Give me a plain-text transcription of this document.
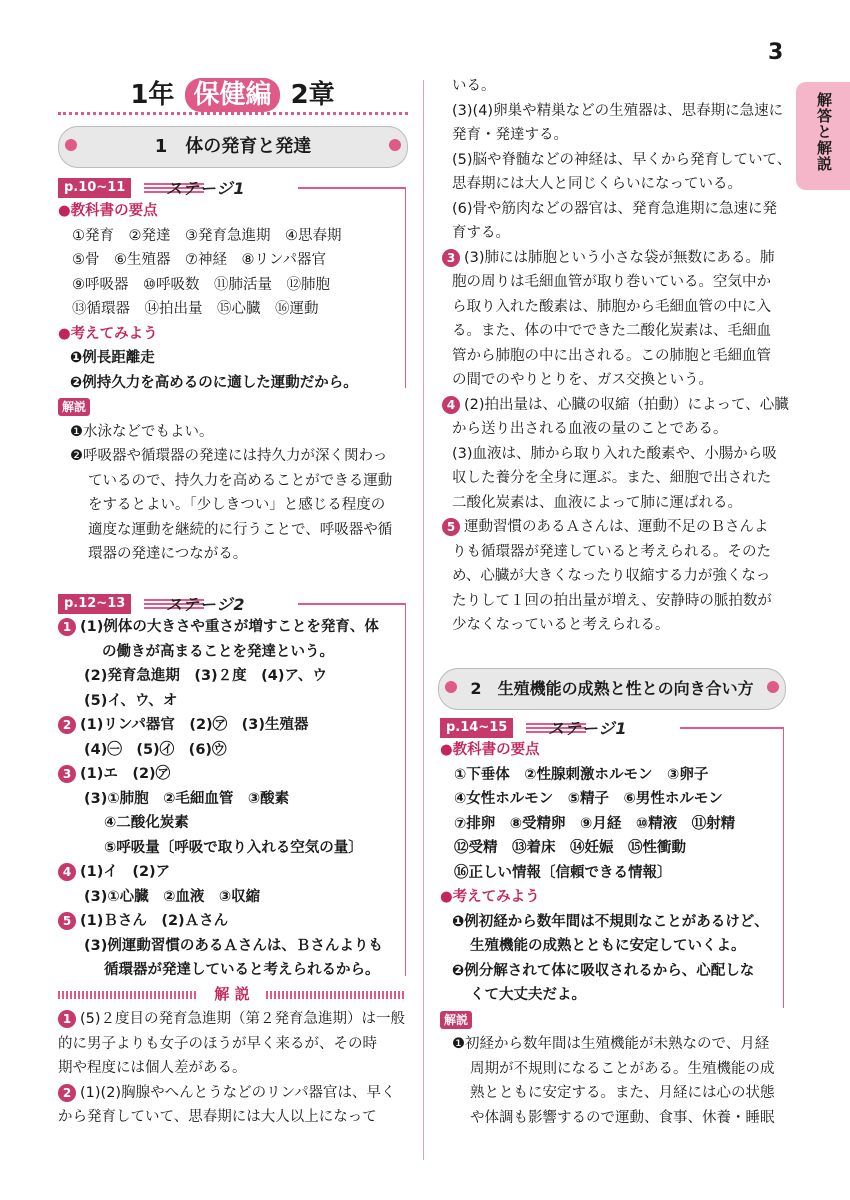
3
解答と解説
1年 保健編 2章
1　 体の発育と発達
p.10~11	ステージ1
●教科書の要点
①発育　②発達　③発育急進期　④思春期
⑤骨　⑥生殖器　⑦神経　⑧リンパ器官
⑨呼吸器　⑩呼吸数　⑪肺活量　⑫肺胞
⑬循環器　⑭拍出量　⑮心臓　⑯運動
●考えてみよう
❶例長距離走
❷例持久力を高めるのに適した運動だから。
解説
❶水泳などでもよい。
❷呼吸器や循環器の発達には持久力が深く関わっ
ているので、持久力を高めることができる運動
をするとよい。「少しきつい」と感じる程度の
適度な運動を継続的に行うことで、呼吸器や循
環器の発達につながる。
p.12~13	ステージ2
1 (1)例体の大きさや重さが増すことを発育、体
の働きが高まることを発達という。
(2)発育急進期　(3)２度　(4)ア、ウ
(5)イ、ウ、オ
2 (1)リンパ器官　(2)㋐　(3)生殖器
(4)㊀　(5)㋑　(6)㋒
3 (1)エ　(2)㋐
(3)①肺胞　②毛細血管　③酸素
④二酸化炭素
⑤呼吸量〔呼吸で取り入れる空気の量〕
4 (1)イ　(2)ア
(3)①心臓　②血液　③収縮
5 (1)Ｂさん　(2)Ａさん
(3)例運動習慣のあるＡさんは、Ｂさんよりも
循環器が発達していると考えられるから。
解 説
1 (5)２度目の発育急進期（第２発育急進期）は一般
的に男子よりも女子のほうが早く来るが、その時
期や程度には個人差がある。
2 (1)(2)胸腺やへんとうなどのリンパ器官は、早く
から発育していて、思春期には大人以上になって
いる。
(3)(4)卵巣や精巣などの生殖器は、思春期に急速に
発育・発達する。
(5)脳や脊髄などの神経は、早くから発育していて、
思春期には大人と同じくらいになっている。
(6)骨や筋肉などの器官は、発育急進期に急速に発
育する。
3 (3)肺には肺胞という小さな袋が無数にある。肺
胞の周りは毛細血管が取り巻いている。空気中か
ら取り入れた酸素は、肺胞から毛細血管の中に入
る。また、体の中でできた二酸化炭素は、毛細血
管から肺胞の中に出される。この肺胞と毛細血管
の間でのやりとりを、ガス交換という。
4 (2)拍出量は、心臓の収縮（拍動）によって、心臓
から送り出される血液の量のことである。
(3)血液は、肺から取り入れた酸素や、小腸から吸
収した養分を全身に運ぶ。また、細胞で出された
二酸化炭素は、血液によって肺に運ばれる。
5 運動習慣のあるＡさんは、運動不足のＢさんよ
りも循環器が発達していると考えられる。そのた
め、心臓が大きくなったり収縮する力が強くなっ
たりして１回の拍出量が増え、安静時の脈拍数が
少なくなっていると考えられる。
2　 生殖機能の成熟と性との向き合い方
p.14~15	ステージ1
●教科書の要点
①下垂体　②性腺刺激ホルモン　③卵子
④女性ホルモン　⑤精子　⑥男性ホルモン
⑦排卵　⑧受精卵　⑨月経　⑩精液　⑪射精
⑫受精　⑬着床　⑭妊娠　⑮性衝動
⑯正しい情報〔信頼できる情報〕
●考えてみよう
❶例初経から数年間は不規則なことがあるけど、
生殖機能の成熟とともに安定していくよ。
❷例分解されて体に吸収されるから、心配しな
くて大丈夫だよ。
解説
❶初経から数年間は生殖機能が未熟なので、月経
周期が不規則になることがある。生殖機能の成
熟とともに安定する。また、月経には心の状態
や体調も影響するので運動、食事、休養・睡眠
